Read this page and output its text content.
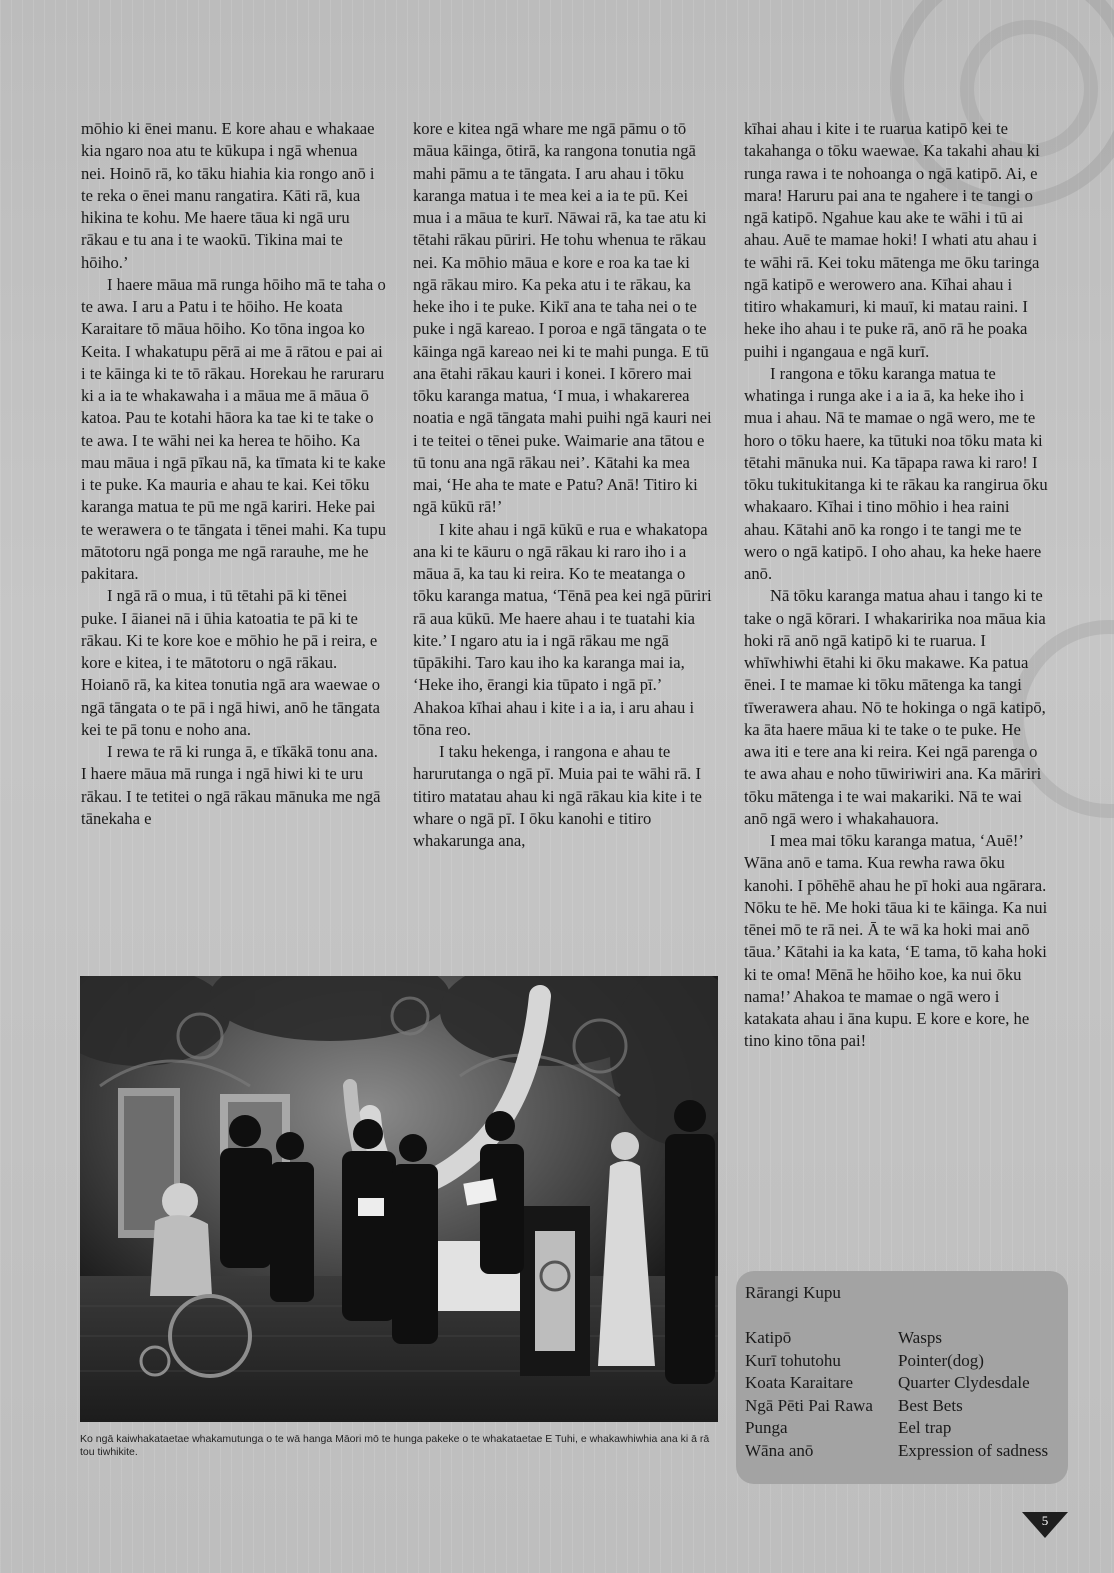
mōhio ki ēnei manu. E kore ahau e whakaae kia ngaro noa atu te kūkupa i ngā whenua nei. Hoinō rā, ko tāku hiahia kia rongo anō i te reka o ēnei manu rangatira. Kāti rā, kua hikina te kohu. Me haere tāua ki ngā uru rākau e tu ana i te waokū. Tikina mai te hōiho.’

I haere māua mā runga hōiho mā te taha o te awa. I aru a Patu i te hōiho. He koata Karaitare tō māua hōiho. Ko tōna ingoa ko Keita. I whakatupu pērā ai me ā rātou e pai ai i te kāinga ki te tō rākau. Horekau he raruraru ki a ia te whakawaha i a māua me ā māua ō katoa. Pau te kotahi hāora ka tae ki te take o te awa. I te wāhi nei ka herea te hōiho. Ka mau māua i ngā pīkau nā, ka tīmata ki te kake i te puke. Ka mauria e ahau te kai. Kei tōku karanga matua te pū me ngā kariri. Heke pai te werawera o te tāngata i tēnei mahi. Ka tupu mātotoru ngā ponga me ngā rarauhe, me he pakitara.

I ngā rā o mua, i tū tētahi pā ki tēnei puke. I āianei nā i ūhia katoatia te pā ki te rākau. Ki te kore koe e mōhio he pā i reira, e kore e kitea, i te mātotoru o ngā rākau. Hoianō rā, ka kitea tonutia ngā ara waewae o ngā tāngata o te pā i ngā hiwi, anō he tāngata kei te pā tonu e noho ana.

I rewa te rā ki runga ā, e tīkākā tonu ana. I haere māua mā runga i ngā hiwi ki te uru rākau. I te tetitei o ngā rākau mānuka me ngā tānekaha e

kore e kitea ngā whare me ngā pāmu o tō māua kāinga, ōtirā, ka rangona tonutia ngā mahi pāmu a te tāngata. I aru ahau i tōku karanga matua i te mea kei a ia te pū. Kei mua i a māua te kurī. Nāwai rā, ka tae atu ki tētahi rākau pūriri. He tohu whenua te rākau nei. Ka mōhio māua e kore e roa ka tae ki ngā rākau miro. Ka peka atu i te rākau, ka heke iho i te puke. Kikī ana te taha nei o te puke i ngā kareao. I poroa e ngā tāngata o te kāinga ngā kareao nei ki te mahi punga. E tū ana ētahi rākau kauri i konei. I kōrero mai tōku karanga matua, ‘I mua, i whakarerea noatia e ngā tāngata mahi puihi ngā kauri nei i te teitei o tēnei puke. Waimarie ana tātou e tū tonu ana ngā rākau nei’. Kātahi ka mea mai, ‘He aha te mate e Patu? Anā! Titiro ki ngā kūkū rā!’

I kite ahau i ngā kūkū e rua e whakatopa ana ki te kāuru o ngā rākau ki raro iho i a māua ā, ka tau ki reira. Ko te meatanga o tōku karanga matua, ‘Tēnā pea kei ngā pūriri rā aua kūkū. Me haere ahau i te tuatahi kia kite.’ I ngaro atu ia i ngā rākau me ngā tūpākihi. Taro kau iho ka karanga mai ia, ‘Heke iho, ērangi kia tūpato i ngā pī.’ Ahakoa kīhai ahau i kite i a ia, i aru ahau i tōna reo.

I taku hekenga, i rangona e ahau te harurutanga o ngā pī. Muia pai te wāhi rā. I titiro matatau ahau ki ngā rākau kia kite i te whare o ngā pī. I ōku kanohi e titiro whakarunga ana,

kīhai ahau i kite i te ruarua katipō kei te takahanga o tōku waewae. Ka takahi ahau ki runga rawa i te nohoanga o ngā katipō. Ai, e mara! Haruru pai ana te ngahere i te tangi o ngā katipō. Ngahue kau ake te wāhi i tū ai ahau. Auē te mamae hoki! I whati atu ahau i te wāhi rā. Kei toku mātenga me ōku taringa ngā katipō e werowero ana. Kīhai ahau i titiro whakamuri, ki mauī, ki matau raini. I heke iho ahau i te puke rā, anō rā he poaka puihi i ngangaua e ngā kurī.

I rangona e tōku karanga matua te whatinga i runga ake i a ia ā, ka heke iho i mua i ahau. Nā te mamae o ngā wero, me te horo o tōku haere, ka tūtuki noa tōku mata ki tētahi mānuka nui. Ka tāpapa rawa ki raro! I tōku tukitukitanga ki te rākau ka rangirua ōku whakaaro. Kīhai i tino mōhio i hea raini ahau. Kātahi anō ka rongo i te tangi me te wero o ngā katipō. I oho ahau, ka heke haere anō.

Nā tōku karanga matua ahau i tango ki te take o ngā kōrari. I whakaririka noa māua kia hoki rā anō ngā katipō ki te ruarua. I whīwhiwhi ētahi ki ōku makawe. Ka patua ēnei. I te mamae ki tōku mātenga ka tangi tīwerawera ahau. Nō te hokinga o ngā katipō, ka āta haere māua ki te take o te puke. He awa iti e tere ana ki reira. Kei ngā parenga o te awa ahau e noho tūwiriwiri ana. Ka māriri tōku mātenga i te wai makariki. Nā te wai anō ngā wero i whakahauora.

I mea mai tōku karanga matua, ‘Auē!’ Wāna anō e tama. Kua rewha rawa ōku kanohi. I pōhēhē ahau he pī hoki aua ngārara. Nōku te hē. Me hoki tāua ki te kāinga. Ka nui tēnei mō te rā nei. Ā te wā ka hoki mai anō tāua.’ Kātahi ia ka kata, ‘E tama, tō kaha hoki ki te oma! Mēnā he hōiho koe, ka nui ōku nama!’ Ahakoa te mamae o ngā wero i katakata ahau i āna kupu. E kore e kore, he tino kino tōna pai!

Ko ngā kaiwhakataetae whakamutunga o te wā hanga Māori mō te hunga pakeke o te whakataetae E Tuhi, e whakawhiwhia ana ki ā rā tou tiwhikite.
Rārangi Kupu
Katipō	Wasps
Kurī tohutohu	Pointer(dog)
Koata Karaitare	Quarter Clydesdale
Ngā Pēti Pai Rawa	Best Bets
Punga	Eel trap
Wāna anō	Expression of sadness
5
